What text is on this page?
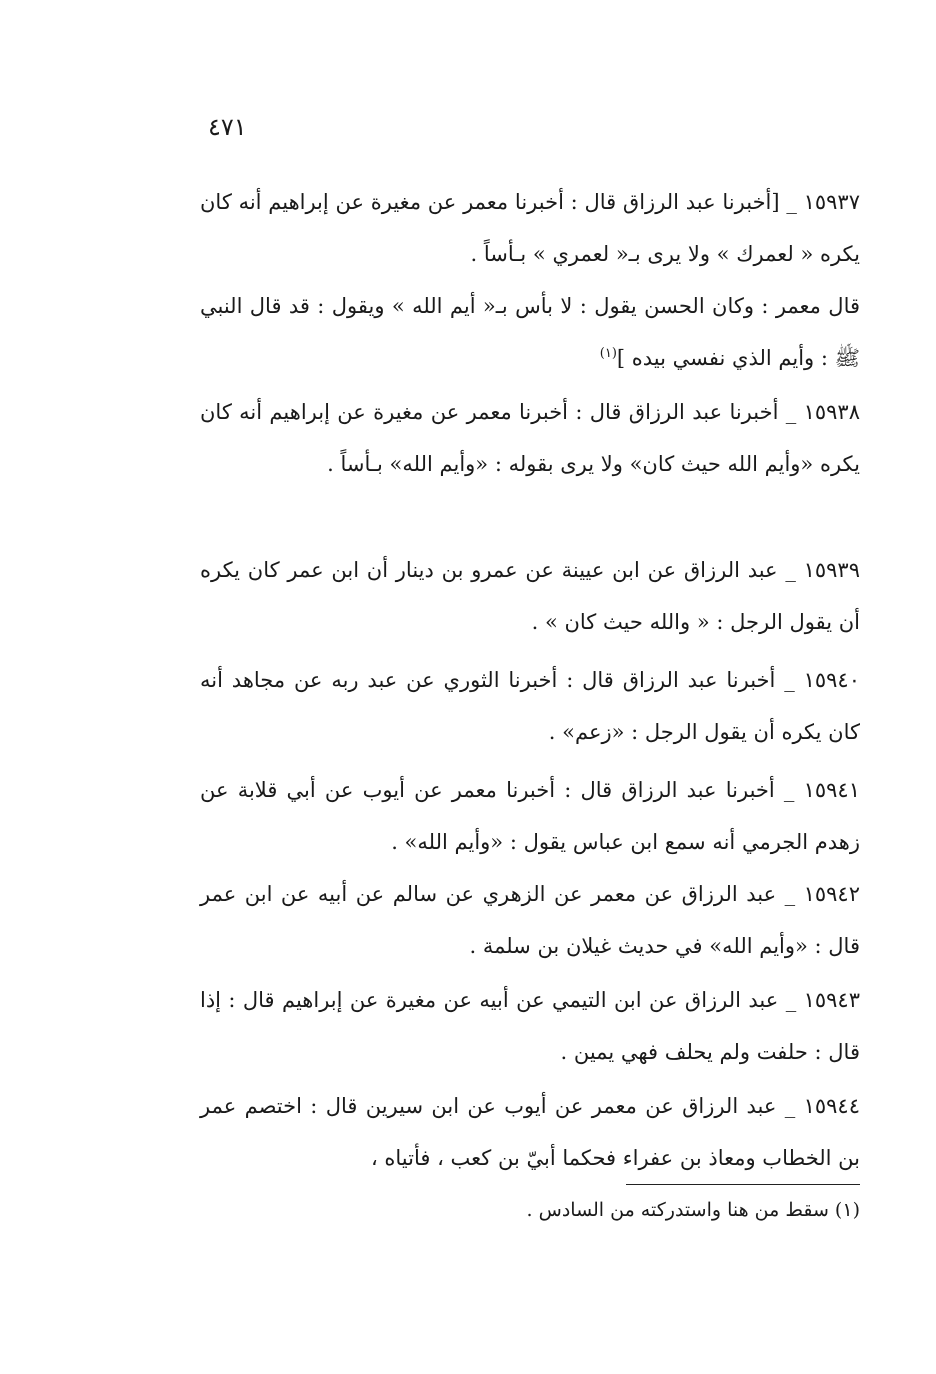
٤٧١

١٥٩٣٧ _ [أخبرنا عبد الرزاق قال : أخبرنا معمر عن مغيرة عن إبراهيم أنه كان يكره « لعمرك » ولا يرى بـ« لعمري » بـأساً .

قال معمر : وكان الحسن يقول : لا بأس بـ« أيم الله » ويقول : قد قال النبي ﷺ : وأيم الذي نفسي بيده ]$^{(١)}$

١٥٩٣٨ _ أخبرنا عبد الرزاق قال : أخبرنا معمر عن مغيرة عن إبراهيم أنه كان يكره «وأيم الله حيث كان» ولا يرى بقوله : «وأيم الله» بـأساً .

١٥٩٣٩ _ عبد الرزاق عن ابن عيينة عن عمرو بن دينار أن ابن عمر كان يكره أن يقول الرجل : « والله حيث كان » .

١٥٩٤٠ _ أخبرنا عبد الرزاق قال : أخبرنا الثوري عن عبد ربه عن مجاهد أنه كان يكره أن يقول الرجل : «زعم» .

١٥٩٤١ _ أخبرنا عبد الرزاق قال : أخبرنا معمر عن أيوب عن أبي قلابة عن زهدم الجرمي أنه سمع ابن عباس يقول : «وأيم الله» .

١٥٩٤٢ _ عبد الرزاق عن معمر عن الزهري عن سالم عن أبيه عن ابن عمر قال : «وأيم الله» في حديث غيلان بن سلمة .

١٥٩٤٣ _ عبد الرزاق عن ابن التيمي عن أبيه عن مغيرة عن إبراهيم قال : إذا قال : حلفت ولم يحلف فهي يمين .

١٥٩٤٤ _ عبد الرزاق عن معمر عن أيوب عن ابن سيرين قال : اختصم عمر بن الخطاب ومعاذ بن عفراء فحكما أبيّ بن كعب ، فأتياه ،

(١) سقط من هنا واستدركته من السادس .
